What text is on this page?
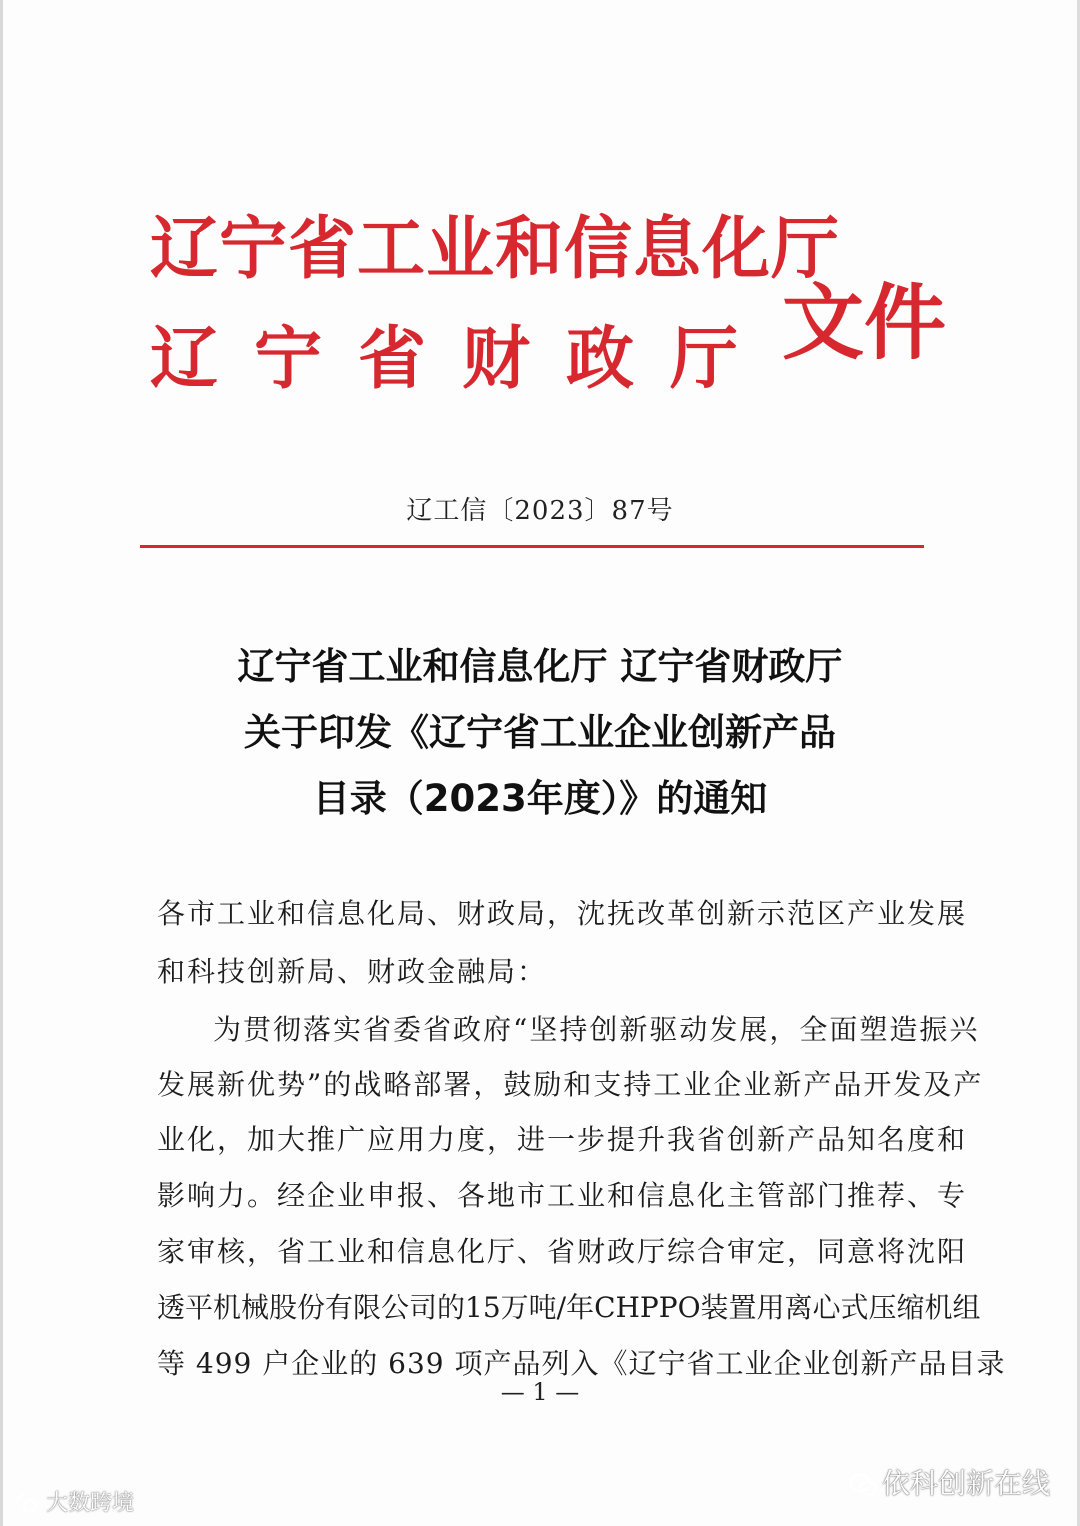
辽宁省工业和信息化厅
辽宁省财政厅 文件
辽工信〔2023〕87号
辽宁省工业和信息化厅 辽宁省财政厅
关于印发《辽宁省工业企业创新产品
目录（2023年度）》的通知
各市工业和信息化局、财政局，沈抚改革创新示范区产业发展
和科技创新局、财政金融局：
为贯彻落实省委省政府“坚持创新驱动发展，全面塑造振兴
发展新优势”的战略部署，鼓励和支持工业企业新产品开发及产
业化，加大推广应用力度，进一步提升我省创新产品知名度和
影响力。经企业申报、各地市工业和信息化主管部门推荐、专
家审核，省工业和信息化厅、省财政厅综合审定，同意将沈阳
透平机械股份有限公司的15万吨/年CHPPO装置用离心式压缩机组
等 499 户企业的 639 项产品列入《辽宁省工业企业创新产品目录
— 1 —
大数跨境
依科创新在线
